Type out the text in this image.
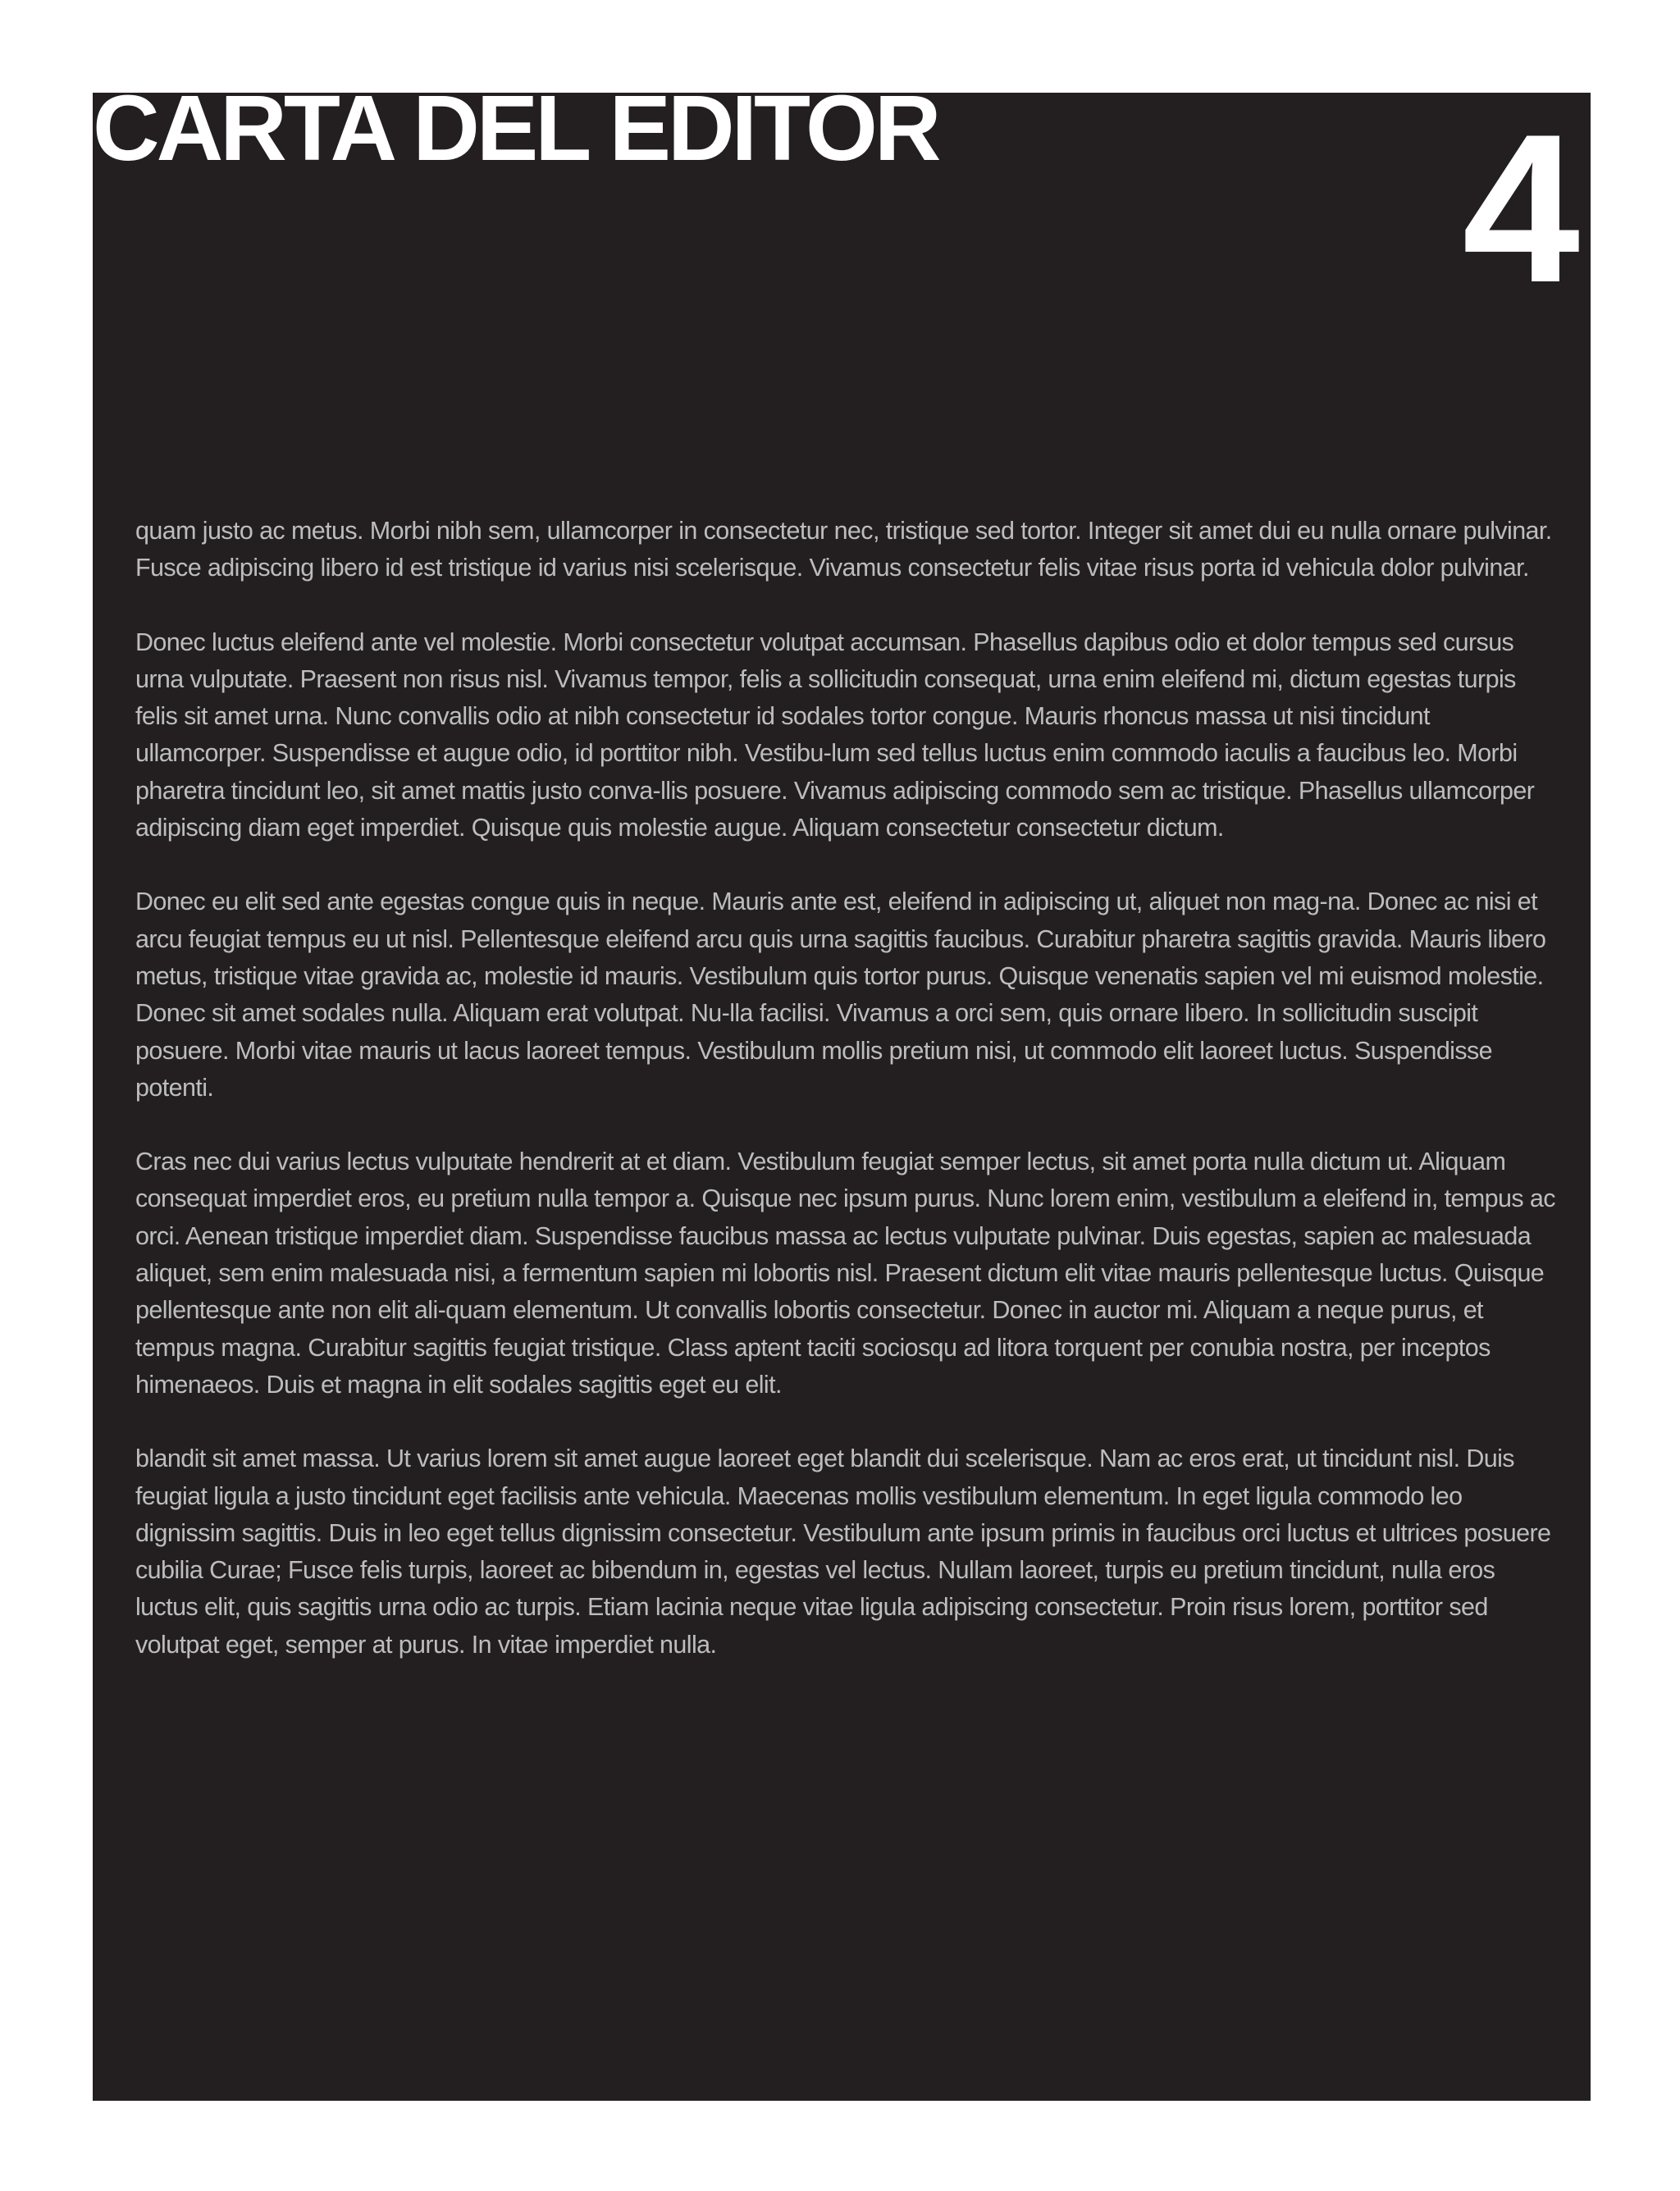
CARTA DEL EDITOR 4

quam justo ac metus. Morbi nibh sem, ullamcorper in consectetur nec, tristique sed tortor. Integer sit amet dui eu nulla ornare pulvinar. Fusce adipiscing libero id est tristique id varius nisi scelerisque. Vivamus consectetur felis vitae risus porta id vehicula dolor pulvinar.

Donec luctus eleifend ante vel molestie. Morbi consectetur volutpat accumsan. Phasellus dapibus odio et dolor tempus sed cursus urna vulputate. Praesent non risus nisl. Vivamus tempor, felis a sollicitudin consequat, urna enim eleifend mi, dictum egestas turpis felis sit amet urna. Nunc convallis odio at nibh consectetur id sodales tortor congue. Mauris rhoncus massa ut nisi tincidunt ullamcorper. Suspendisse et augue odio, id porttitor nibh. Vestibu-lum sed tellus luctus enim commodo iaculis a faucibus leo. Morbi pharetra tincidunt leo, sit amet mattis justo conva-llis posuere. Vivamus adipiscing commodo sem ac tristique. Phasellus ullamcorper adipiscing diam eget imperdiet. Quisque quis molestie augue. Aliquam consectetur consectetur dictum.

Donec eu elit sed ante egestas congue quis in neque. Mauris ante est, eleifend in adipiscing ut, aliquet non mag-na. Donec ac nisi et arcu feugiat tempus eu ut nisl. Pellentesque eleifend arcu quis urna sagittis faucibus. Curabitur pharetra sagittis gravida. Mauris libero metus, tristique vitae gravida ac, molestie id mauris. Vestibulum quis tortor purus. Quisque venenatis sapien vel mi euismod molestie. Donec sit amet sodales nulla. Aliquam erat volutpat. Nu-lla facilisi. Vivamus a orci sem, quis ornare libero. In sollicitudin suscipit posuere. Morbi vitae mauris ut lacus laoreet tempus. Vestibulum mollis pretium nisi, ut commodo elit laoreet luctus. Suspendisse potenti.

Cras nec dui varius lectus vulputate hendrerit at et diam. Vestibulum feugiat semper lectus, sit amet porta nulla dictum ut. Aliquam consequat imperdiet eros, eu pretium nulla tempor a. Quisque nec ipsum purus. Nunc lorem enim, vestibulum a eleifend in, tempus ac orci. Aenean tristique imperdiet diam. Suspendisse faucibus massa ac lectus vulputate pulvinar. Duis egestas, sapien ac malesuada aliquet, sem enim malesuada nisi, a fermentum sapien mi lobortis nisl. Praesent dictum elit vitae mauris pellentesque luctus. Quisque pellentesque ante non elit ali-quam elementum. Ut convallis lobortis consectetur. Donec in auctor mi. Aliquam a neque purus, et tempus magna. Curabitur sagittis feugiat tristique. Class aptent taciti sociosqu ad litora torquent per conubia nostra, per inceptos himenaeos. Duis et magna in elit sodales sagittis eget eu elit.

blandit sit amet massa. Ut varius lorem sit amet augue laoreet eget blandit dui scelerisque. Nam ac eros erat, ut tincidunt nisl. Duis feugiat ligula a justo tincidunt eget facilisis ante vehicula. Maecenas mollis vestibulum elementum. In eget ligula commodo leo dignissim sagittis. Duis in leo eget tellus dignissim consectetur. Vestibulum ante ipsum primis in faucibus orci luctus et ultrices posuere cubilia Curae; Fusce felis turpis, laoreet ac bibendum in, egestas vel lectus. Nullam laoreet, turpis eu pretium tincidunt, nulla eros luctus elit, quis sagittis urna odio ac turpis. Etiam lacinia neque vitae ligula adipiscing consectetur. Proin risus lorem, porttitor sed volutpat eget, semper at purus. In vitae imperdiet nulla.
